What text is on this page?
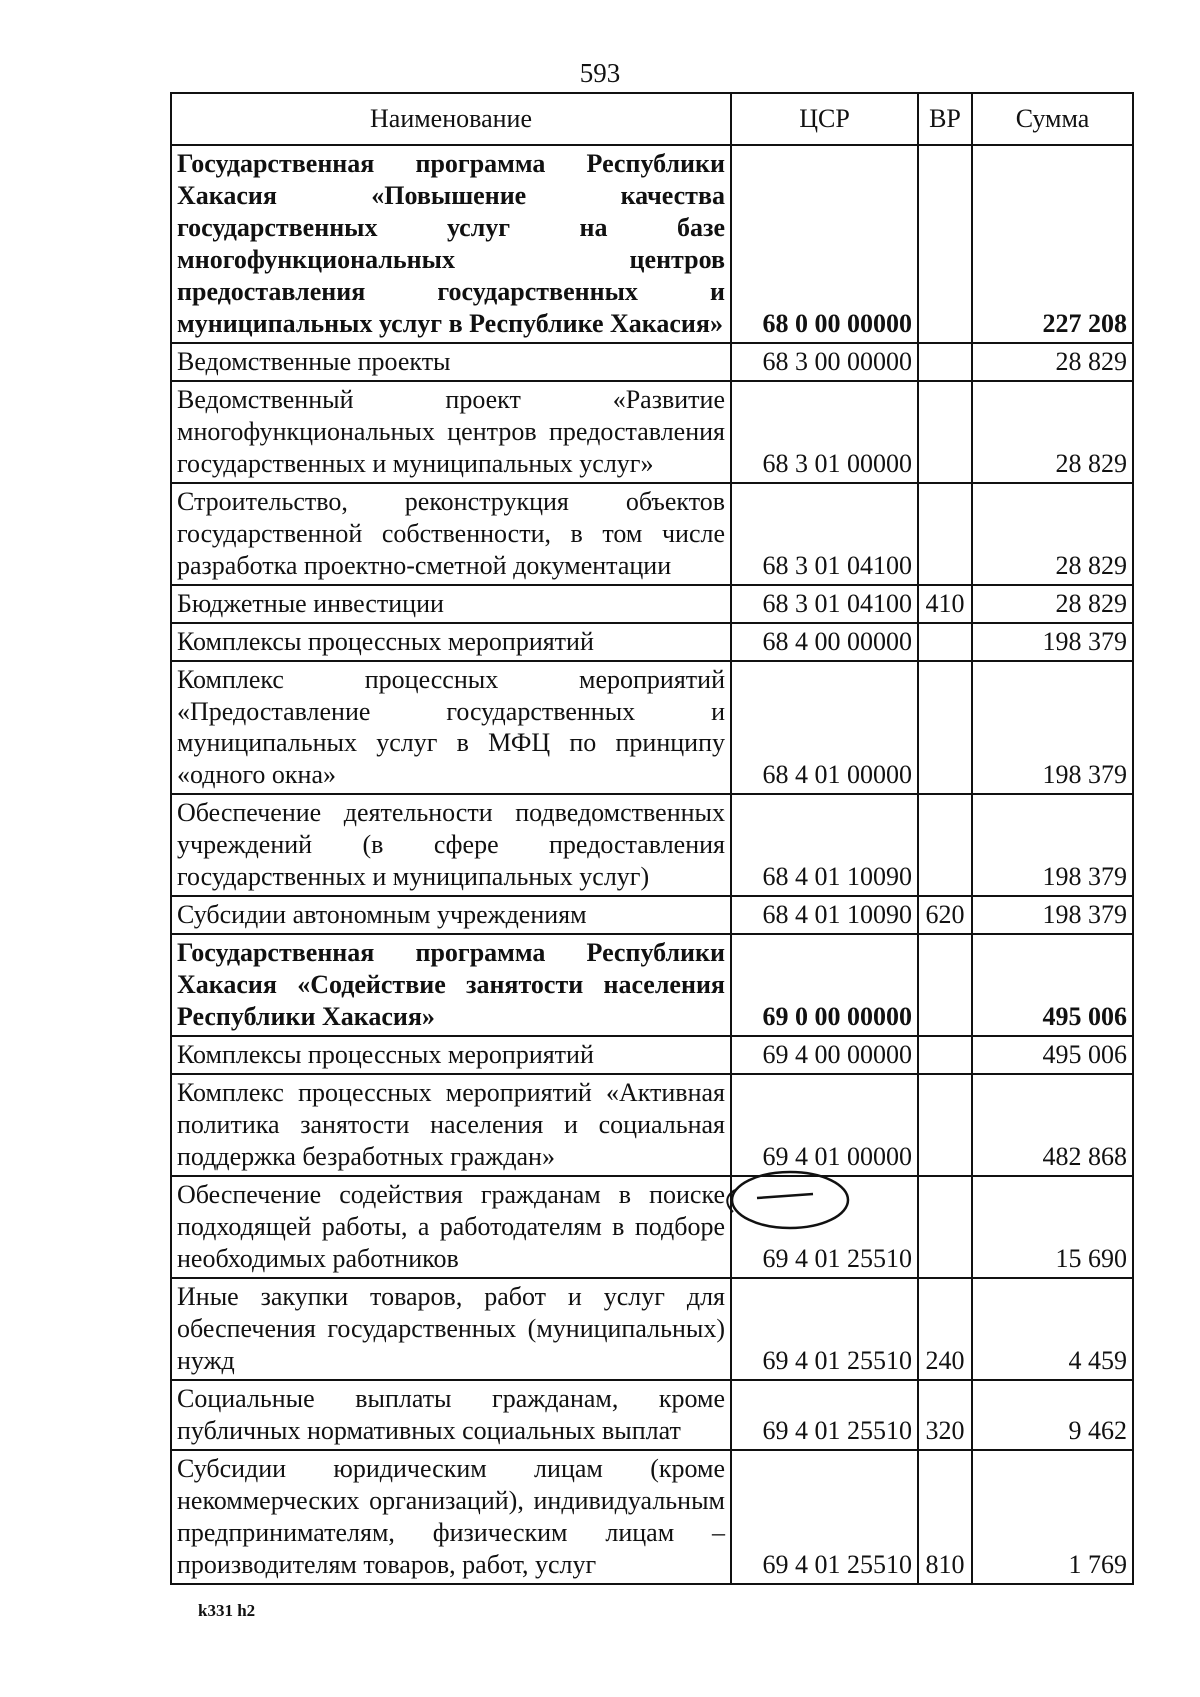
593
Наименование	ЦСР	ВР	Сумма
Государственная программа Республики Хакасия «Повышение качества государственных услуг на базе многофункциональных центров предоставления государственных и муниципальных услуг в Республике Хакасия»	68 0 00 00000		227 208
Ведомственные проекты	68 3 00 00000		28 829
Ведомственный проект «Развитие многофункциональных центров предоставления государственных и муниципальных услуг»	68 3 01 00000		28 829
Строительство, реконструкция объектов государственной собственности, в том числе разработка проектно-сметной документации	68 3 01 04100		28 829
Бюджетные инвестиции	68 3 01 04100	410	28 829
Комплексы процессных мероприятий	68 4 00 00000		198 379
Комплекс процессных мероприятий «Предоставление государственных и муниципальных услуг в МФЦ по принципу «одного окна»	68 4 01 00000		198 379
Обеспечение деятельности подведомственных учреждений (в сфере предоставления государственных и муниципальных услуг)	68 4 01 10090		198 379
Субсидии автономным учреждениям	68 4 01 10090	620	198 379
Государственная программа Республики Хакасия «Содействие занятости населения Республики Хакасия»	69 0 00 00000		495 006
Комплексы процессных мероприятий	69 4 00 00000		495 006
Комплекс процессных мероприятий «Активная политика занятости населения и социальная поддержка безработных граждан»	69 4 01 00000		482 868
Обеспечение содействия гражданам в поиске подходящей работы, а работодателям в подборе необходимых работников	69 4 01 25510		15 690
Иные закупки товаров, работ и услуг для обеспечения государственных (муниципальных) нужд	69 4 01 25510	240	4 459
Социальные выплаты гражданам, кроме публичных нормативных социальных выплат	69 4 01 25510	320	9 462
Субсидии юридическим лицам (кроме некоммерческих организаций), индивидуальным предпринимателям, физическим лицам – производителям товаров, работ, услуг	69 4 01 25510	810	1 769
k331 h2
